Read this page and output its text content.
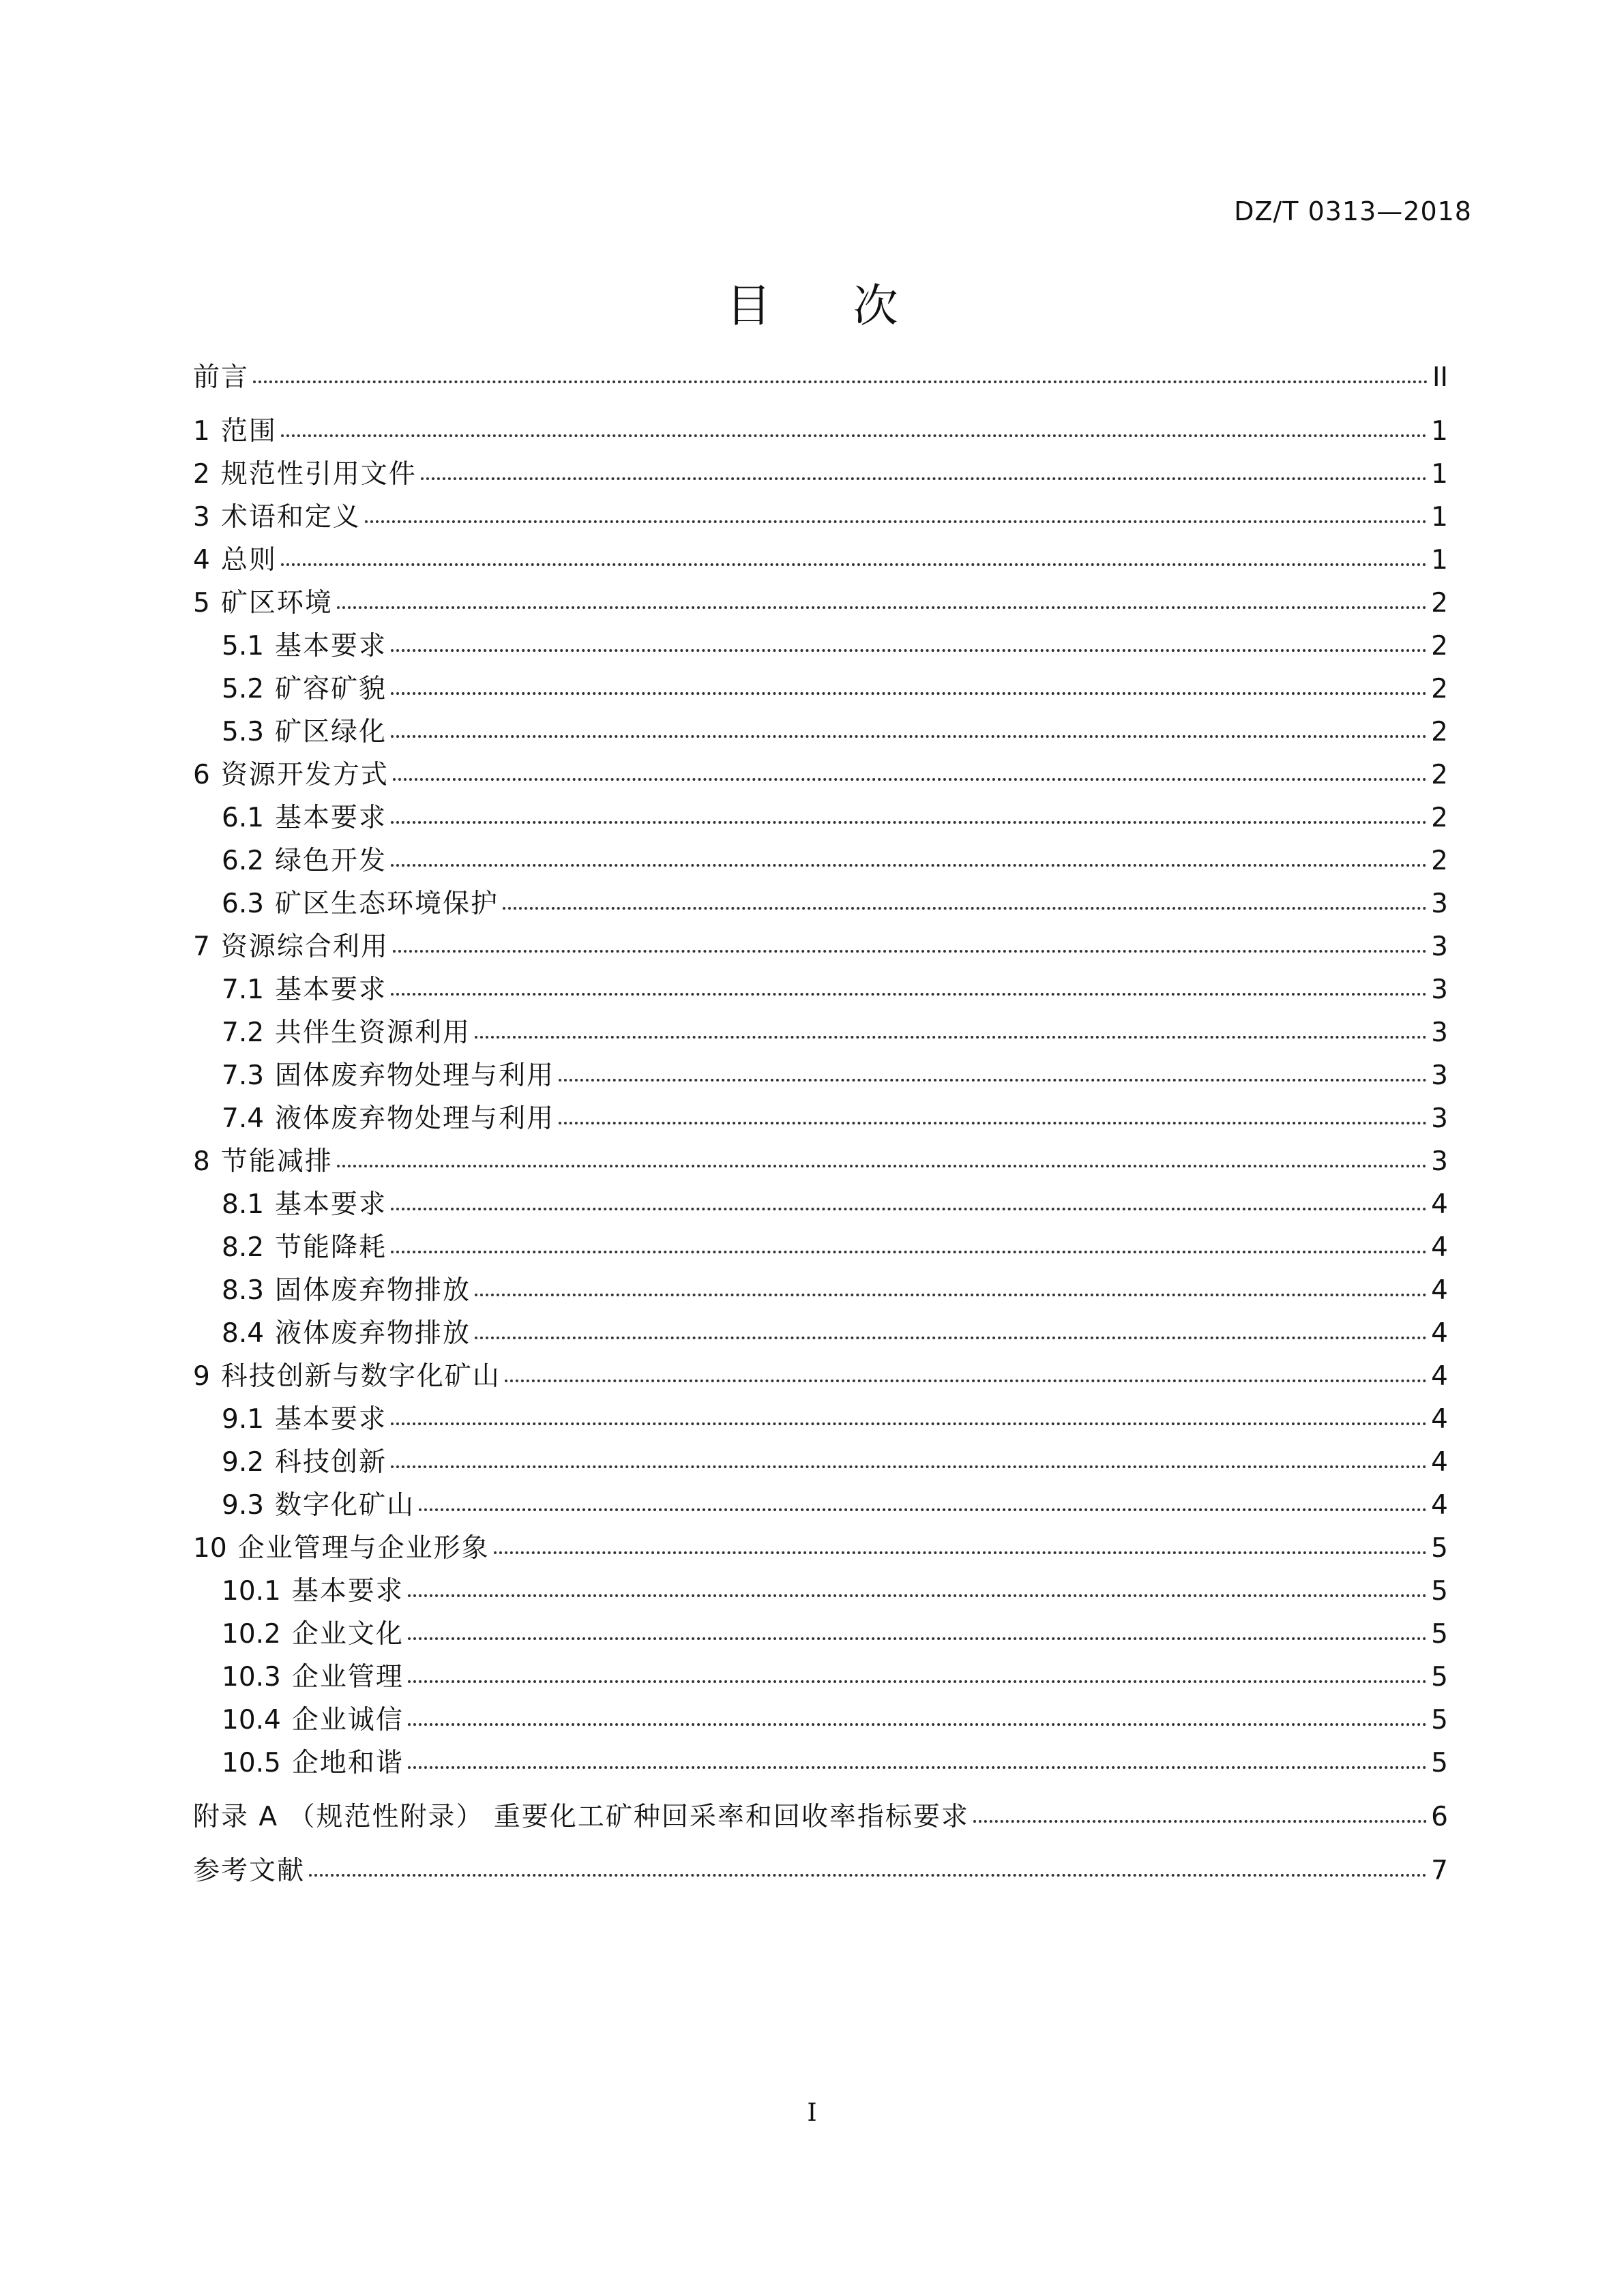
DZ/T 0313—2018
目次
前言	II
1 范围	1
2 规范性引用文件	1
3 术语和定义	1
4 总则	1
5 矿区环境	2
5.1 基本要求	2
5.2 矿容矿貌	2
5.3 矿区绿化	2
6 资源开发方式	2
6.1 基本要求	2
6.2 绿色开发	2
6.3 矿区生态环境保护	3
7 资源综合利用	3
7.1 基本要求	3
7.2 共伴生资源利用	3
7.3 固体废弃物处理与利用	3
7.4 液体废弃物处理与利用	3
8 节能减排	3
8.1 基本要求	4
8.2 节能降耗	4
8.3 固体废弃物排放	4
8.4 液体废弃物排放	4
9 科技创新与数字化矿山	4
9.1 基本要求	4
9.2 科技创新	4
9.3 数字化矿山	4
10 企业管理与企业形象	5
10.1 基本要求	5
10.2 企业文化	5
10.3 企业管理	5
10.4 企业诚信	5
10.5 企地和谐	5
附录 A （规范性附录） 重要化工矿种回采率和回收率指标要求	6
参考文献	7
I
